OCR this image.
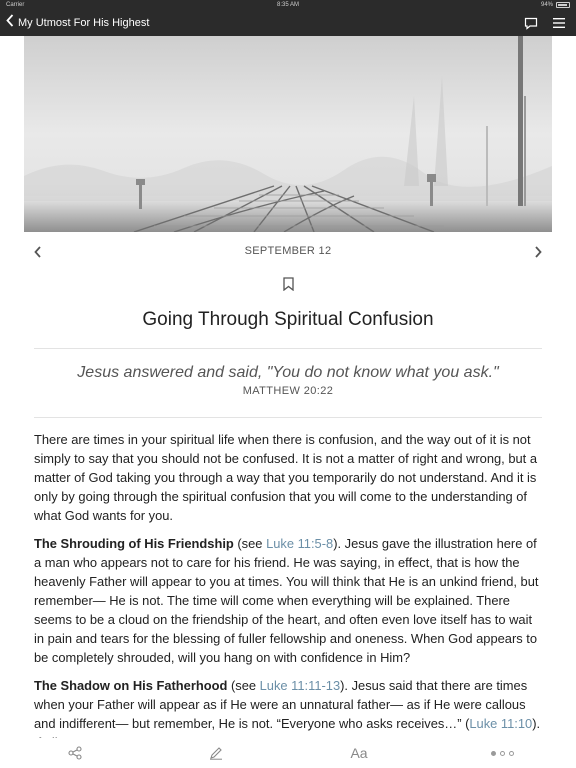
Carrier	8:35 AM	94%
My Utmost For His Highest
SEPTEMBER 12
Going Through Spiritual Confusion
Jesus answered and said, "You do not know what you ask."
MATTHEW 20:22

There are times in your spiritual life when there is confusion, and the way out of it is not simply to say that you should not be confused. It is not a matter of right and wrong, but a matter of God taking you through a way that you temporarily do not understand. And it is only by going through the spiritual confusion that you will come to the understanding of what God wants for you.

The Shrouding of His Friendship (see Luke 11:5-8). Jesus gave the illustration here of a man who appears not to care for his friend. He was saying, in effect, that is how the heavenly Father will appear to you at times. You will think that He is an unkind friend, but remember— He is not. The time will come when everything will be explained. There seems to be a cloud on the friendship of the heart, and often even love itself has to wait in pain and tears for the blessing of fuller fellowship and oneness. When God appears to be completely shrouded, will you hang on with confidence in Him?

The Shadow on His Fatherhood (see Luke 11:11-13). Jesus said that there are times when your Father will appear as if He were an unnatural father— as if He were callous and indifferent— but remember, He is not. “Everyone who asks receives…” (Luke 11:10).

Aa
